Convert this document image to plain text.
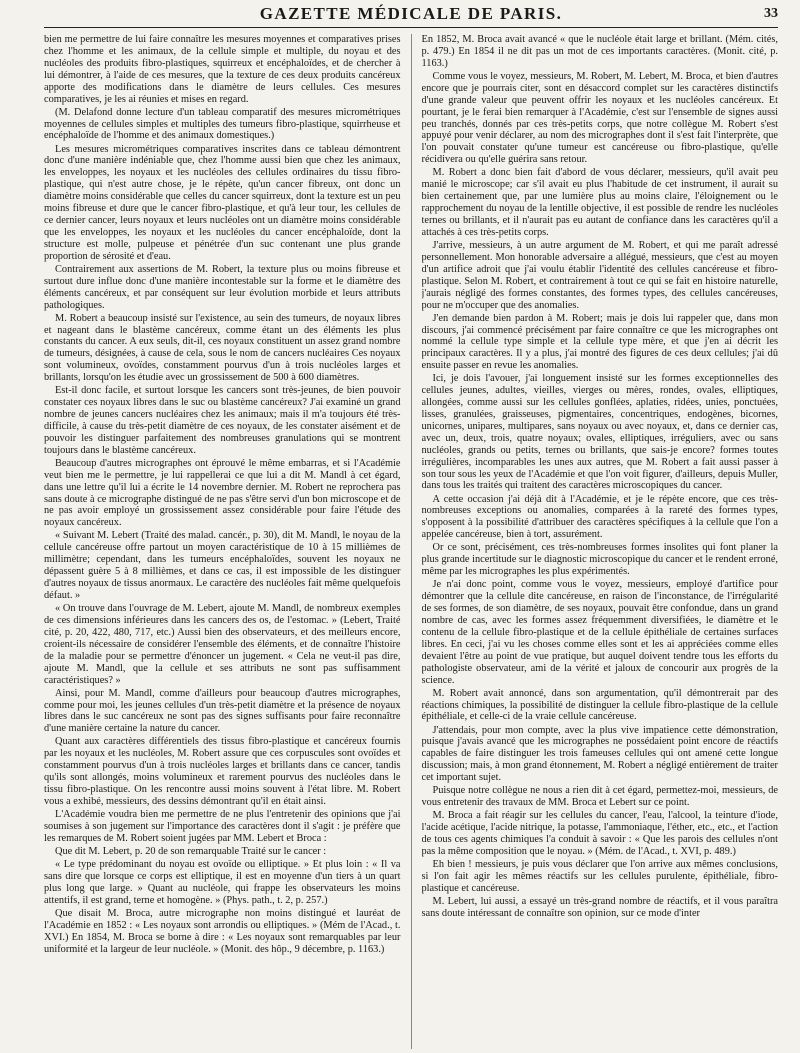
GAZETTE MÉDICALE DE PARIS.	33

bien me permettre de lui faire connaître les mesures moyennes et comparatives prises chez l'homme et les animaux, de la cellule simple et multiple, du noyau et des nucléoles des produits fibro-plastiques, squirreux et encéphaloïdes, et de chercher à lui démontrer, à l'aide de ces mesures, que la texture de ces deux produits cancéreux apporte des modifications dans le diamètre de leurs cellules. Ces mesures comparatives, je les ai réunies et mises en regard.

(M. Delafond donne lecture d'un tableau comparatif des mesures micrométriques moyennes de cellules simples et multiples des tumeurs fibro-plastique, squirrheuse et encéphaloïde de l'homme et des animaux domestiques.)

Les mesures micrométriques comparatives inscrites dans ce tableau démontrent donc d'une manière indéniable que, chez l'homme aussi bien que chez les animaux, les enveloppes, les noyaux et les nucléoles des cellules ordinaires du tissu fibro-plastique, qui n'est autre chose, je le répète, qu'un cancer fibreux, ont donc un diamètre moins considérable que celles du cancer squirreux, dont la texture est un peu moins fibreuse et dure que le cancer fibro-plastique, et qu'à leur tour, les cellules de ce dernier cancer, leurs noyaux et leurs nucléoles ont un diamètre moins considérable que les enveloppes, les noyaux et les nucléoles du cancer encéphaloïde, dont la structure est molle, pulpeuse et pénétrée d'un suc contenant une plus grande proportion de sérosité et d'eau.

Contrairement aux assertions de M. Robert, la texture plus ou moins fibreuse et surtout dure influe donc d'une manière incontestable sur la forme et le diamètre des éléments cancéreux, et par conséquent sur leur évolution morbide et leurs attributs pathologiques.

M. Robert a beaucoup insisté sur l'existence, au sein des tumeurs, de noyaux libres et nageant dans le blastème cancéreux, comme étant un des éléments les plus constants du cancer. A eux seuls, dit-il, ces noyaux constituent un assez grand nombre de tumeurs, désignées, à cause de cela, sous le nom de cancers nucléaires Ces noyaux sont volumineux, ovoïdes, constamment pourvus d'un à trois nucléoles larges et brillants, lorsqu'on les étudie avec un grossissement de 500 à 600 diamètres.

Est-il donc facile, et surtout lorsque les cancers sont très-jeunes, de bien pouvoir constater ces noyaux libres dans le suc ou blastème cancéreux? J'ai examiné un grand nombre de jeunes cancers nucléaires chez les animaux; mais il m'a toujours été très-difficile, à cause du très-petit diamètre de ces noyaux, de les constater aisément et de pouvoir les distinguer parfaitement des nombreuses granulations qui se montrent toujours dans le blastème cancéreux.

Beaucoup d'autres micrographes ont éprouvé le même embarras, et si l'Académie veut bien me le permettre, je lui rappellerai ce que lui a dit M. Mandl à cet égard, dans une lettre qu'il lui a écrite le 14 novembre dernier. M. Robert ne reprochera pas sans doute à ce micrographe distingué de ne pas s'être servi d'un bon microscope et de ne pas avoir employé un grossissement assez considérable pour faire l'étude des noyaux cancéreux.

« Suivant M. Lebert (Traité des malad. cancér., p. 30), dit M. Mandl, le noyau de la cellule cancéreuse offre partout un moyen caractéristique de 10 à 15 millièmes de millimètre; cependant, dans les tumeurs encéphaloïdes, souvent les noyaux ne dépassent guère 5 à 8 millièmes, et dans ce cas, il est impossible de les distinguer d'autres noyaux de tissus anormaux. Le caractère des nucléoles fait même quelquefois défaut. »

« On trouve dans l'ouvrage de M. Lebert, ajoute M. Mandl, de nombreux exemples de ces dimensions inférieures dans les cancers des os, de l'estomac. » (Lebert, Traité cité, p. 20, 422, 480, 717, etc.) Aussi bien des observateurs, et des meilleurs encore, croient-ils nécessaire de considérer l'ensemble des éléments, et de connaître l'histoire de la maladie pour se permettre d'énoncer un jugement. « Cela ne veut-il pas dire, ajoute M. Mandl, que la cellule et ses attributs ne sont pas suffisamment caractéristiques? »

Ainsi, pour M. Mandl, comme d'ailleurs pour beaucoup d'autres micrographes, comme pour moi, les jeunes cellules d'un très-petit diamètre et la présence de noyaux libres dans le suc cancéreux ne sont pas des signes suffisants pour faire reconnaître d'une manière certaine la nature du cancer.

Quant aux caractères différentiels des tissus fibro-plastique et cancéreux fournis par les noyaux et les nucléoles, M. Robert assure que ces corpuscules sont ovoïdes et constamment pourvus d'un à trois nucléoles larges et brillants dans ce cancer, tandis qu'ils sont allongés, moins volumineux et rarement pourvus des nucléoles dans le tissu fibro-plastique. On les rencontre aussi moins souvent à l'état libre. M. Robert vous a exhibé, messieurs, des dessins démontrant qu'il en était ainsi.

L'Académie voudra bien me permettre de ne plus l'entretenir des opinions que j'ai soumises à son jugement sur l'importance des caractères dont il s'agit : je préfère que les remarques de M. Robert soient jugées par MM. Lebert et Broca :

Que dit M. Lebert, p. 20 de son remarquable Traité sur le cancer :

« Le type prédominant du noyau est ovoïde ou elliptique. » Et plus loin : « Il va sans dire que lorsque ce corps est elliptique, il est en moyenne d'un tiers à un quart plus long que large. » Quant au nucléole, qui frappe les observateurs les moins attentifs, il est grand, terne et homogène. » (Phys. path., t. 2, p. 257.)

Que disait M. Broca, autre micrographe non moins distingué et lauréat de l'Académie en 1852 : « Les noyaux sont arrondis ou elliptiques. » (Mém de l'Acad., t. XVI.) En 1854, M. Broca se borne à dire : « Les noyaux sont remarquables par leur uniformité et la largeur de leur nucléole. » (Monit. des hôp., 9 décembre, p. 1163.)

En 1852, M. Broca avait avancé « que le nucléole était large et brillant. (Mém. cités, p. 479.) En 1854 il ne dit pas un mot de ces importants caractères. (Monit. cité, p. 1163.)

Comme vous le voyez, messieurs, M. Robert, M. Lebert, M. Broca, et bien d'autres encore que je pourrais citer, sont en désaccord complet sur les caractères distinctifs d'une grande valeur que peuvent offrir les noyaux et les nucléoles cancéreux. Et pourtant, je le ferai bien remarquer à l'Académie, c'est sur l'ensemble de signes aussi peu tranchés, donnés par ces très-petits corps, que notre collègue M. Robert s'est appuyé pour venir déclarer, au nom des micrographes dont il s'est fait l'interprète, que l'on pouvait constater qu'une tumeur est cancéreuse ou fibro-plastique, qu'elle récidivera ou qu'elle guérira sans retour.

M. Robert a donc bien fait d'abord de vous déclarer, messieurs, qu'il avait peu manié le microscope; car s'il avait eu plus l'habitude de cet instrument, il aurait su bien certainement que, par une lumière plus au moins claire, l'éloignement ou le rapprochement du noyau de la lentille objective, il est possible de rendre les nucléoles ternes ou brillants, et il n'aurait pas eu autant de confiance dans les caractères qu'il a attachés à ces très-petits corps.

J'arrive, messieurs, à un autre argument de M. Robert, et qui me paraît adressé personnellement. Mon honorable adversaire a allégué, messieurs, que c'est au moyen d'un artifice adroit que j'ai voulu établir l'identité des cellules cancéreuse et fibro-plastique. Selon M. Robert, et contrairement à tout ce qui se fait en histoire naturelle, j'aurais négligé des formes constantes, des formes types, des cellules cancéreuses, pour ne m'occuper que des anomalies.

J'en demande bien pardon à M. Robert; mais je dois lui rappeler que, dans mon discours, j'ai commencé précisément par faire connaître ce que les micrographes ont nommé la cellule type simple et la cellule type mère, et que j'en ai décrit les principaux caractères. Il y a plus, j'ai montré des figures de ces deux cellules; j'ai dû ensuite passer en revue les anomalies.

Ici, je dois l'avouer, j'ai longuement insisté sur les formes exceptionnelles des cellules jeunes, adultes, vieilles, vierges ou mères, rondes, ovales, elliptiques, allongées, comme aussi sur les cellules gonflées, aplaties, ridées, unies, ponctuées, lisses, granulées, graisseuses, pigmentaires, concentriques, endogènes, bicornes, unicornes, unipares, multipares, sans noyaux ou avec noyaux, et, dans ce dernier cas, avec un, deux, trois, quatre noyaux; ovales, elliptiques, irréguliers, avec ou sans nucléoles, grands ou petits, ternes ou brillants, que sais-je encore? formes toutes irrégulières, incomparables les unes aux autres, que M. Robert a fait aussi passer à son tour sous les yeux de l'Académie et que l'on voit figurer, d'ailleurs, depuis Muller, dans tous les traités qui traitent des caractères microscopiques du cancer.

A cette occasion j'ai déjà dit à l'Académie, et je le répète encore, que ces très-nombreuses exceptions ou anomalies, comparées à la rareté des formes types, s'opposent à la possibilité d'attribuer des caractères spécifiques à la cellule que l'on a appelée cancéreuse, bien à tort, assurément.

Or ce sont, précisément, ces très-nombreuses formes insolites qui font planer la plus grande incertitude sur le diagnostic microscopique du cancer et le rendent erroné, même par les micrographes les plus expérimentés.

Je n'ai donc point, comme vous le voyez, messieurs, employé d'artifice pour démontrer que la cellule dite cancéreuse, en raison de l'inconstance, de l'irrégularité de ses formes, de son diamètre, de ses noyaux, pouvait être confondue, dans un grand nombre de cas, avec les formes assez fréquemment diversifiées, le diamètre et le contenu de la cellule fibro-plastique et de la cellule épithéliale de certaines surfaces libres. En ceci, j'ai vu les choses comme elles sont et les ai appréciées comme elles devaient l'être au point de vue pratique, but auquel doivent tendre tous les efforts du pathologiste observateur, ami de la vérité et jaloux de concourir aux progrès de la science.

M. Robert avait annoncé, dans son argumentation, qu'il démontrerait par des réactions chimiques, la possibilité de distinguer la cellule fibro-plastique de la cellule épithéliale, et celle-ci de la vraie cellule cancéreuse.

J'attendais, pour mon compte, avec la plus vive impatience cette démonstration, puisque j'avais avancé que les micrographes ne possédaient point encore de réactifs capables de faire distinguer les trois fameuses cellules qui ont amené cette longue discussion; mais, à mon grand étonnement, M. Robert a négligé entièrement de traiter cet important sujet.

Puisque notre collègue ne nous a rien dit à cet égard, permettez-moi, messieurs, de vous entretenir des travaux de MM. Broca et Lebert sur ce point.

M. Broca a fait réagir sur les cellules du cancer, l'eau, l'alcool, la teinture d'iode, l'acide acétique, l'acide nitrique, la potasse, l'ammoniaque, l'éther, etc., etc., et l'action de tous ces agents chimiques l'a conduit à savoir : « Que les parois des cellules n'ont pas la même composition que le noyau. » (Mém. de l'Acad., t. XVI, p. 489.)

Eh bien ! messieurs, je puis vous déclarer que l'on arrive aux mêmes conclusions, si l'on fait agir les mêmes réactifs sur les cellules purulente, épithéliale, fibro-plastique et cancéreuse.

M. Lebert, lui aussi, a essayé un très-grand nombre de réactifs, et il vous paraîtra sans doute intéressant de connaître son opinion, sur ce mode d'inter
